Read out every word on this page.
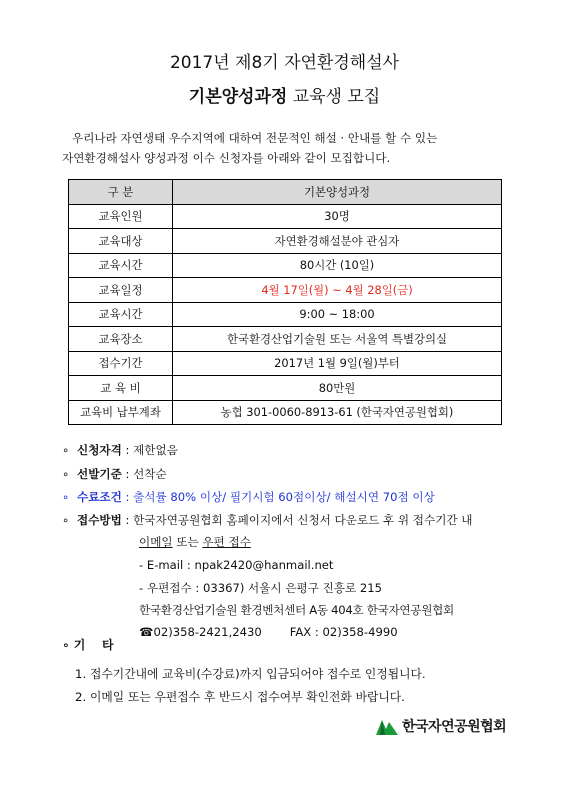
2017년 제8기 자연환경해설사
기본양성과정 교육생 모집

우리나라 자연생태 우수지역에 대하여 전문적인 해설 · 안내를 할 수 있는

자연환경해설사 양성과정 이수 신청자를 아래와 같이 모집합니다.

구 분	기본양성과정
교육인원	30명
교육대상	자연환경해설분야 관심자
교육시간	80시간 (10일)
교육일정	4월 17일(월) ~ 4월 28일(금)
교육시간	9:00 ~ 18:00
교육장소	한국환경산업기술원 또는 서울역 특별강의실
접수기간	2017년 1월 9일(월)부터
교 육 비	80만원
교육비 납부계좌	농협 301-0060-8913-61 (한국자연공원협회)
∘ 신청자격 : 제한없음
∘ 선발기준 : 선착순
∘ 수료조건 : 출석률 80% 이상/ 필기시험 60점이상/ 해설시연 70점 이상
∘ 접수방법 : 한국자연공원협회 홈페이지에서 신청서 다운로드 후 위 접수기간 내
이메일 또는 우편 접수
- E-mail : npak2420@hanmail.net
- 우편접수 : 03367) 서울시 은평구 진흥로 215
한국환경산업기술원 환경벤처센터 A동 404호 한국자연공원협회
☎02)358-2421,2430 FAX : 02)358-4990
∘ 기    타
1. 접수기간내에 교육비(수강료)까지 입금되어야 접수로 인정됩니다.
2. 이메일 또는 우편접수 후 반드시 접수여부 확인전화 바랍니다.
한국자연공원협회
